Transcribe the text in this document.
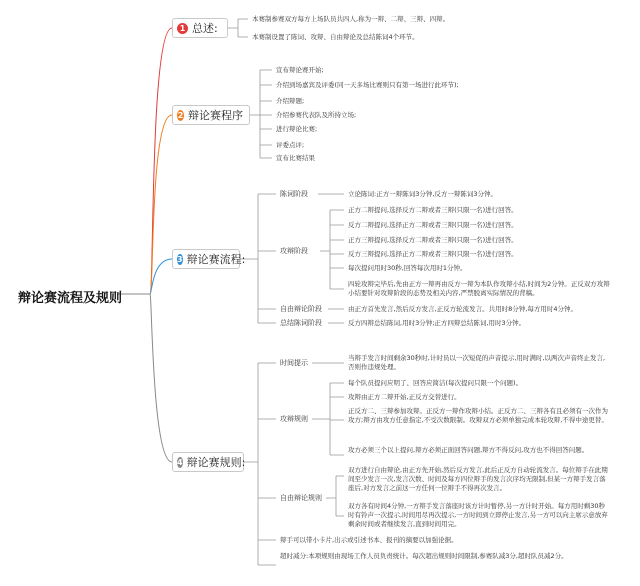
辩论赛流程及规则
1 总述:
本赛制参赛双方每方上场队员共四人,称为一辩、二辩、三辩、四辩。
本赛制设置了陈词、攻辩、自由辩论及总结陈词4个环节。
2 辩论赛程序
宣布辩论赛开始;
介绍到场嘉宾及评委(同一天多场比赛则只有第一场进行此环节);
介绍辩题;
介绍参赛代表队及所持立场;
进行辩论比赛;
评委点评;
宣布比赛结果
3 辩论赛流程:
陈词阶段	立论陈词:正方一辩陈词3分钟,反方一辩陈词3分钟。
攻辩阶段
正方二辩提问,选择反方二辩或者三辩(只限一名)进行回答。
反方二辩提问,选择正方二辩或者三辩(只限一名)进行回答。
正方三辩提问,选择反方二辩或者三辩(只限一名)进行回答。
反方三辩提问,选择正方二辩或者三辩(只限一名)进行回答。
每次提问用时30秒,回答每次用时1分钟。
四轮攻辩完毕后,先由正方一辩再由反方一辩为本队作攻辩小结,时间为2分钟。正反双方攻辩小结要针对攻辩阶段的态势及相关内容,严禁脱离实际情况的背稿。
自由辩论阶段	由正方首先发言,然后反方发言,正反方轮流发言。共用时8分钟,每方用时4分钟。
总结陈词阶段	反方四辩总结陈词,用时3分钟;正方四辩总结陈词,用时3分钟。
4 辩论赛规则:
时间提示
当辩手发言时间剩余30秒时,计时员以一次短促的声音提示,用时满时,以两次声音终止发言,否则作违规处理。
攻辩规则
每个队员提问应明了、回答应简洁(每次提问只限一个问题)。
攻辩由正方二辩开始,正反方交替进行。
正反方二、三辩参加攻辩。正反方一辩作攻辩小结。正反方二、三辩各有且必须有一次作为攻方;辩方由攻方任意指定,不受次数限制。攻辩双方必须单独完成本轮攻辩,不得中途更替。
攻方必须三个以上提问,辩方必须正面回答问题,辩方不得反问,攻方也不得回答问题。
自由辩论规则
双方进行自由辩论,由正方先开始,然后反方发言,此后正反方自动轮流发言。每位辩手在此期间至少发言一次,发言次数、时间及每方四位辩手的发言次序均无限制,但某一方辩手发言落座后,对方发言之前这一方任何一位辩手不得再次发言。
双方各有时间4分钟,一方辩手发言落座时该方计时暂停,另一方计时开始。每方用时剩30秒时有铃声一次提示,时间用尽再次提示,一方时间到立即停止发言,另一方可以向主席示意放弃剩余时间或者继续发言,直到时间用完。
辩手可以带小卡片,出示或引述书本、报刊的摘要以加强论据。
超时减分:本项规则由现场工作人员负责统计。每次超出规则时间限制,参赛队减3分,超时队员减2分。
